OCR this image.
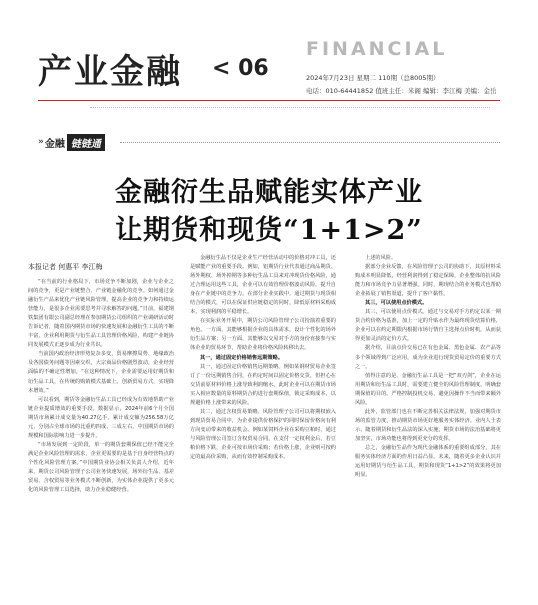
产业金融 < 06
FINANCIAL
2024年7月23日 星期二 110期（总8005期）
电话：010-64441852 值班主任：米阁 编辑：李江梅 美编：金岳
» 金融 链链通
金融衍生品赋能实体产业
让期货和现货“1+1>2”
本报记者 何惠平 李江梅

“在当前的行业格局下，市场竞争不断加剧，企业与企业之间的竞争，更是产业链整合、产业链金融化的竞争。如何通过金融衍生产品来优化产业链风险管理，提高企业的竞争力和持续运营能力，是很多企业需要思考并寻求解答的问题。”日前，福建钢铁集团有限公司副总经理在参加期货公司组织的产业调研活动时告诉记者，随着国内期货市场的快速发展和金融衍生工具的不断丰富，企业利用期货与衍生品工具管理价格风险，构建产业链协同发展模式正逐步成为行业共识。

当前国内政治经济形势复杂多变，贸易摩擦局势、地缘政治及各国债务问题等因素交织，大宗商品价格剧烈波动，企业经营面临的不确定性增加。“在这种情况下，企业需要运用好期货和衍生品工具，在传统的购销模式基础上，创新贸易方式，实现降本增效。”

可以看到，期货等金融衍生品工具已经成为有效地帮助产业链企业提质增效的重要手段。数据显示，2024年前6个月全国期货市场累计成交量为40.27亿手，累计成交额为256.58万亿元，分别占全球市场的比重约四成、三成左右，中国期货市场的规模和国际影响力进一步提升。

“市场发展到一定阶段，单一的期货套期保值已经不能完全满足企业风险管理的需求，企业更需要的是基于自身经营特点的个性化风险管理方案。”中国期货业协会相关负责人介绍，近年来，期货公司风险管理子公司业务快速发展，场外衍生品、基差贸易、含权贸易等业务模式不断创新，为实体企业提供了更多元化的风险管理工具选择，助力企业稳健经营。

金融衍生品不仅是企业生产经营活动中的价格对冲工具，还是赋能产业的重要手段。例如，铝期货行业代表通过商品期货、场外期权、场外掉期等多种衍生品工具来对冲现货价格风险，通过合理运用这些工具，企业可以有效管理价格波动风险，提升自身在产业链中的竞争力。在部分企业实践中，通过期货与现货相结合的模式，可以在保证供应链稳定的同时，降低原材料采购成本，实现利润的平稳增长。

在实际业务开展中，期货公司风险管理子公司扮演着重要的角色。一方面，其能够根据企业的具体需求，设计个性化的场外衍生品方案；另一方面，其能够以交易对手方的身份直接参与实体企业的贸易环节，帮助企业将价格风险转移出去。

其一，通过固定价格销售远期策略。

其一，通过固定价格销售远期策略。例如某钢材贸易企业签订了一份远期销售合同，在约定时间以固定价格交货，但担心在交货前原材料价格上涨导致利润缩水。此时企业可以在期货市场买入相应数量的原料期货合约进行套期保值，锁定采购成本，以规避价格上涨带来的风险。

其二，通过含权贸易策略。风险管理子公司可以将期权嵌入到现货贸易合同中，为企业提供价格保护的同时保留价格向有利方向变动带来的收益机会。例如某饲料企业在采购豆粕时，通过与风险管理公司签订含权贸易合同，在支付一定权利金后，若豆粕价格下跌，企业可按市场价采购；若价格上涨，企业则可按约定的最高价采购，从而有效控制采购成本。

上述的风险。

据部分企业反馈，在风险管理子公司的协助下，其原材料采购成本明显降低，经营利润得到了稳定保障，企业整体的抗风险能力和市场竞争力显著增强。同时，期现结合的业务模式也帮助企业拓展了销售渠道，提升了客户黏性。

其三，可以使用点价模式。

其三，可以使用点价模式。通过与交易对手方约定以某一期货合约价格为基准，加上一定的升贴水作为最终现货结算价格，企业可以在约定期限内根据市场行情自主选择点价时机，从而获得更加灵活的定价方式。

据介绍，目前点价交易已在有色金属、黑色金属、农产品等多个领域得到广泛应用，成为企业进行现货贸易定价的重要方式之一。

值得注意的是，金融衍生品工具是一把“双刃剑”，企业在运用期货和衍生品工具时，需要建立健全的风险管理制度，明确套期保值的目的，严格控制投机交易，避免因操作不当而带来额外风险。

此外，监管部门也在不断完善相关法律法规，加强对期货市场的监管力度，推动期货市场更好地服务实体经济。业内人士表示，随着期货和衍生品法的深入实施，期货市场的法治基础将更加坚实，市场功能也将得到更充分的发挥。

总之，金融衍生品作为现代金融体系的重要组成部分，其在服务实体经济方面的作用日益凸显。未来，随着更多企业认识并运用好期货与衍生品工具，期货和现货“1+1>2”的效果将更加明显。
